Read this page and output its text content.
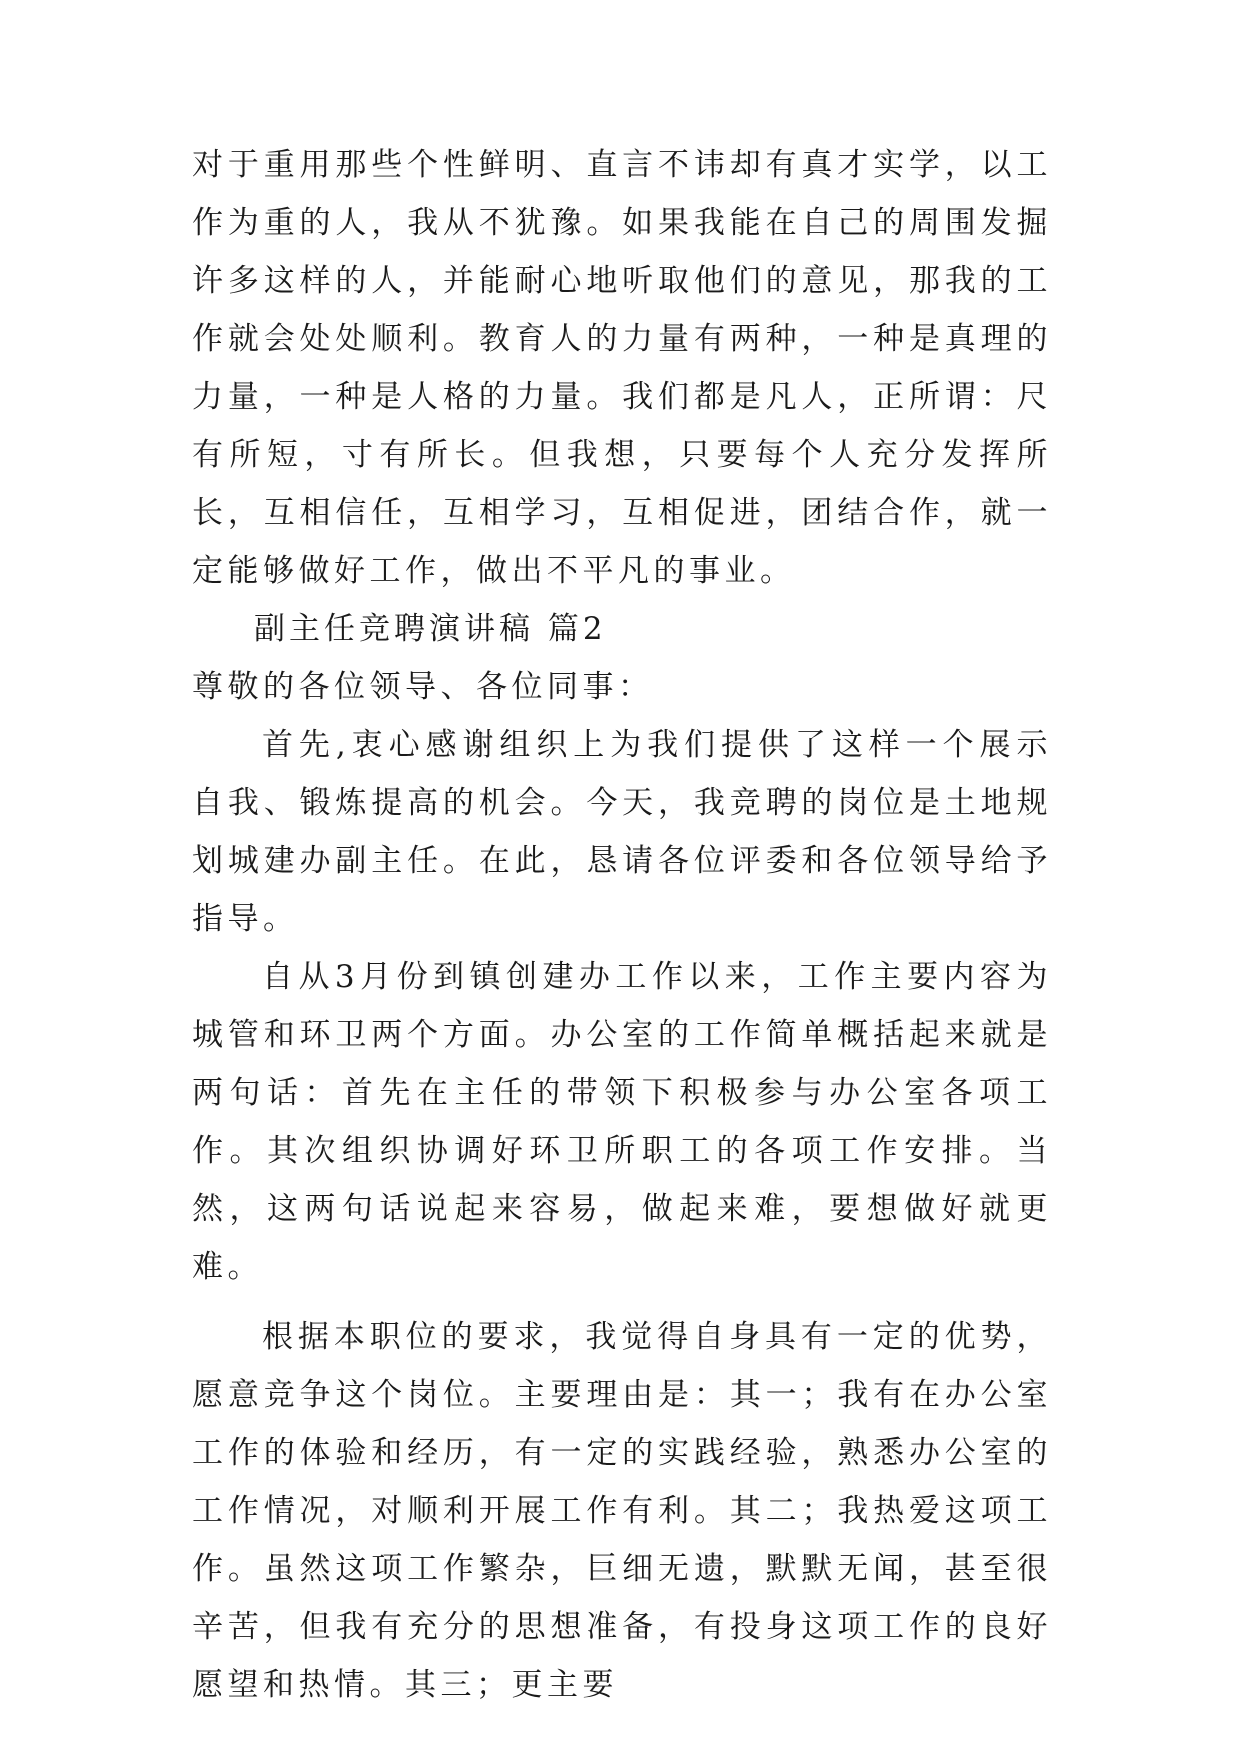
对于重用那些个性鲜明、直言不讳却有真才实学，以工作为重的人，我从不犹豫。如果我能在自己的周围发掘许多这样的人，并能耐心地听取他们的意见，那我的工作就会处处顺利。教育人的力量有两种，一种是真理的力量，一种是人格的力量。我们都是凡人，正所谓：尺有所短，寸有所长。但我想，只要每个人充分发挥所长，互相信任，互相学习，互相促进，团结合作，就一定能够做好工作，做出不平凡的事业。

副主任竞聘演讲稿 篇2

尊敬的各位领导、各位同事：

首先,衷心感谢组织上为我们提供了这样一个展示自我、锻炼提高的机会。今天，我竞聘的岗位是土地规划城建办副主任。在此，恳请各位评委和各位领导给予指导。

自从3月份到镇创建办工作以来，工作主要内容为城管和环卫两个方面。办公室的工作简单概括起来就是两句话：首先在主任的带领下积极参与办公室各项工作。其次组织协调好环卫所职工的各项工作安排。当然，这两句话说起来容易，做起来难，要想做好就更难。

根据本职位的要求，我觉得自身具有一定的优势，愿意竞争这个岗位。主要理由是：其一；我有在办公室工作的体验和经历，有一定的实践经验，熟悉办公室的工作情况，对顺利开展工作有利。其二；我热爱这项工作。虽然这项工作繁杂，巨细无遗，默默无闻，甚至很辛苦，但我有充分的思想准备，有投身这项工作的良好愿望和热情。其三；更主要
